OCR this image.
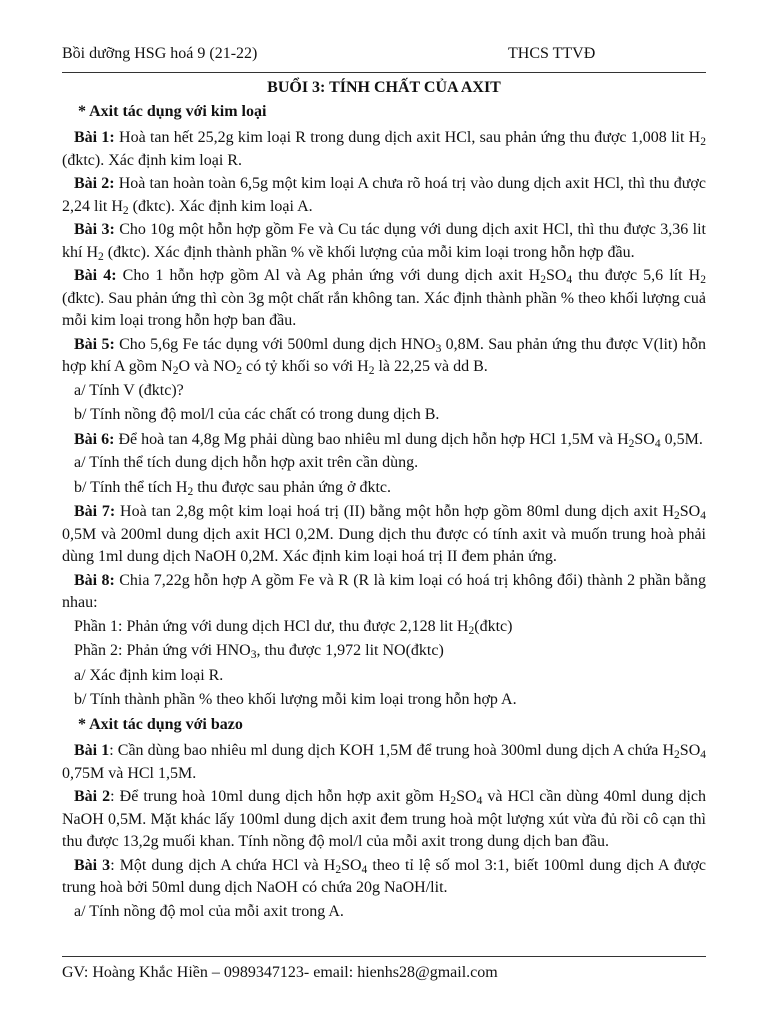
Bồi dưỡng HSG hoá 9 (21-22)	THCS TTVĐ
BUỔI 3: TÍNH CHẤT CỦA AXIT
* Axit tác dụng với kim loại

Bài 1: Hoà tan hết 25,2g kim loại R trong dung dịch axit HCl, sau phản ứng thu được 1,008 lit $H_2$ (đktc). Xác định kim loại R.

Bài 2: Hoà tan hoàn toàn 6,5g một kim loại A chưa rõ hoá trị vào dung dịch axit HCl, thì thu được 2,24 lit $H_2$ (đktc). Xác định kim loại A.

Bài 3: Cho 10g một hỗn hợp gồm Fe và Cu tác dụng với dung dịch axit HCl, thì thu được 3,36 lit khí $H_2$ (đktc). Xác định thành phần % về khối lượng của mỗi kim loại trong hỗn hợp đầu.

Bài 4: Cho 1 hỗn hợp gồm Al và Ag phản ứng với dung dịch axit $H_2SO_4$ thu được 5,6 lít $H_2$ (đktc). Sau phản ứng thì còn 3g một chất rắn không tan. Xác định thành phần % theo khối lượng cuả mỗi kim loại trong hỗn hợp ban đầu.

Bài 5: Cho 5,6g Fe tác dụng với 500ml dung dịch $HNO_3$ 0,8M. Sau phản ứng thu được V(lit) hỗn hợp khí A gồm $N_2O$ và $NO_2$ có tỷ khối so với $H_2$ là 22,25 và dd B.

a/ Tính V (đktc)?
b/ Tính nồng độ mol/l của các chất có trong dung dịch B.

Bài 6: Để hoà tan 4,8g Mg phải dùng bao nhiêu ml dung dịch hỗn hợp HCl 1,5M và $H_2SO_4$ 0,5M.

a/ Tính thể tích dung dịch hỗn hợp axit trên cần dùng.
b/ Tính thể tích $H_2$ thu được sau phản ứng ở đktc.

Bài 7: Hoà tan 2,8g một kim loại hoá trị (II) bằng một hỗn hợp gồm 80ml dung dịch axit $H_2SO_4$ 0,5M và 200ml dung dịch axit HCl 0,2M. Dung dịch thu được có tính axit và muốn trung hoà phải dùng 1ml dung dịch NaOH 0,2M. Xác định kim loại hoá trị II đem phản ứng.

Bài 8: Chia 7,22g hỗn hợp A gồm Fe và R (R là kim loại có hoá trị không đổi) thành 2 phần bằng nhau:

Phần 1: Phản ứng với dung dịch HCl dư, thu được 2,128 lit $H_2(đktc)$
Phần 2: Phản ứng với $HNO_3$, thu được 1,972 lit NO(đktc)
a/ Xác định kim loại R.
b/ Tính thành phần % theo khối lượng mỗi kim loại trong hỗn hợp A.
* Axit tác dụng với bazo

Bài 1: Cần dùng bao nhiêu ml dung dịch KOH 1,5M để trung hoà 300ml dung dịch A chứa $H_2SO_4$ 0,75M và HCl 1,5M.

Bài 2: Để trung hoà 10ml dung dịch hỗn hợp axit gồm $H_2SO_4$ và HCl cần dùng 40ml dung dịch NaOH 0,5M. Mặt khác lấy 100ml dung dịch axit đem trung hoà một lượng xút vừa đủ rồi cô cạn thì thu được 13,2g muối khan. Tính nồng độ mol/l của mỗi axit trong dung dịch ban đầu.

Bài 3: Một dung dịch A chứa HCl và $H_2SO_4$ theo tỉ lệ số mol 3:1, biết 100ml dung dịch A được trung hoà bởi 50ml dung dịch NaOH có chứa 20g NaOH/lit.

a/ Tính nồng độ mol của mỗi axit trong A.
GV: Hoàng Khắc Hiền – 0989347123- email: hienhs28@gmail.com
